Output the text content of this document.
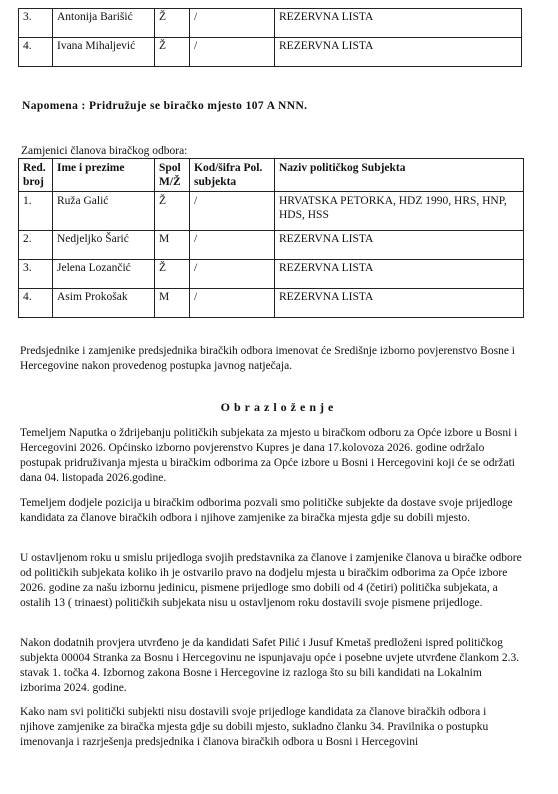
3.	Antonija Barišić	Ž	/	REZERVNA LISTA
4.	Ivana Mihaljević	Ž	/	REZERVNA LISTA
Napomena : Pridružuje se biračko mjesto 107 A NNN.
Zamjenici članova biračkog odbora:
Red. broj	Ime i prezime	Spol M/Ž	Kod/šifra Pol. subjekta	Naziv političkog Subjekta
1.	Ruža Galić	Ž	/	HRVATSKA PETORKA, HDZ 1990, HRS, HNP, HDS, HSS
2.	Nedjeljko Šarić	M	/	REZERVNA LISTA
3.	Jelena Lozančić	Ž	/	REZERVNA LISTA
4.	Asim Prokošak	M	/	REZERVNA LISTA

Predsjednike i zamjenike predsjednika biračkih odbora imenovat će Središnje izborno povjerenstvo Bosne i Hercegovine nakon provedenog postupka javnog natječaja.

Obrazloženje

Temeljem Naputka o ždrijebanju političkih subjekata za mjesto u biračkom odboru za Opće izbore u Bosni i Hercegovini 2026. Općinsko izborno povjerenstvo Kupres je dana 17.kolovoza 2026. godine održalo postupak pridruživanja mjesta u biračkim odborima za Opće izbore u Bosni i Hercegovini koji će se održati dana 04. listopada 2026.godine.

Temeljem dodjele pozicija u biračkim odborima pozvali smo političke subjekte da dostave svoje prijedloge kandidata za članove biračkih odbora i njihove zamjenike za biračka mjesta gdje su dobili mjesto.

U ostavljenom roku u smislu prijedloga svojih predstavnika za članove i zamjenike članova u biračke odbore od političkih subjekata koliko ih je ostvarilo pravo na dodjelu mjesta u biračkim odborima za Opće izbore 2026. godine za našu izbornu jedinicu, pismene prijedloge smo dobili od 4 (četiri) politička subjekata, a ostalih 13 ( trinaest) političkih subjekata nisu u ostavljenom roku dostavili svoje pismene prijedloge.

Nakon dodatnih provjera utvrđeno je da kandidati Safet Pilić i Jusuf Kmetaš predloženi ispred političkog subjekta 00004 Stranka za Bosnu i Hercegovinu ne ispunjavaju opće i posebne uvjete utvrđene člankom 2.3. stavak 1. točka 4. Izbornog zakona Bosne i Hercegovine iz razloga što su bili kandidati na Lokalnim izborima 2024. godine.

Kako nam svi politički subjekti nisu dostavili svoje prijedloge kandidata za članove biračkih odbora i njihove zamjenike za biračka mjesta gdje su dobili mjesto, sukladno članku 34. Pravilnika o postupku imenovanja i razrješenja predsjednika i članova biračkih odbora u Bosni i Hercegovini
